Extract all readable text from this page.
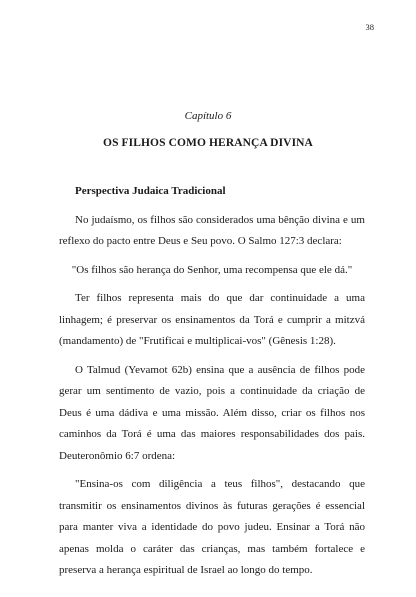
38
Capítulo 6
OS FILHOS COMO HERANÇA DIVINA
Perspectiva Judaica Tradicional

No judaísmo, os filhos são considerados uma bênção divina e um reflexo do pacto entre Deus e Seu povo. O Salmo 127:3 declara:

"Os filhos são herança do Senhor, uma recompensa que ele dá."

Ter filhos representa mais do que dar continuidade a uma linhagem; é preservar os ensinamentos da Torá e cumprir a mitzvá (mandamento) de "Frutificai e multiplicai-vos" (Gênesis 1:28).

O Talmud (Yevamot 62b) ensina que a ausência de filhos pode gerar um sentimento de vazio, pois a continuidade da criação de Deus é uma dádiva e uma missão. Além disso, criar os filhos nos caminhos da Torá é uma das maiores responsabilidades dos pais. Deuteronômio 6:7 ordena:

"Ensina-os com diligência a teus filhos", destacando que transmitir os ensinamentos divinos às futuras gerações é essencial para manter viva a identidade do povo judeu. Ensinar a Torá não apenas molda o caráter das crianças, mas também fortalece e preserva a herança espiritual de Israel ao longo do tempo.
